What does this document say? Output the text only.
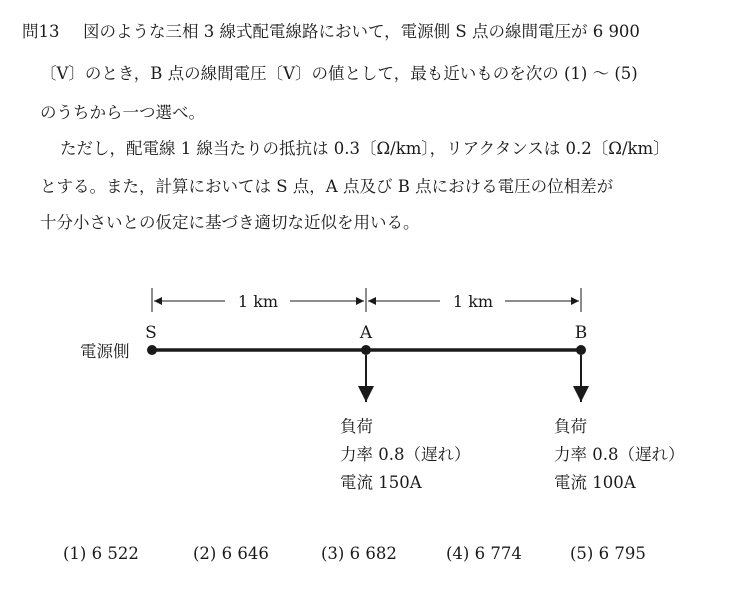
問13 図のような三相 3 線式配電線路において，電源側 S 点の線間電圧が 6 900
〔V〕のとき，B 点の線間電圧〔V〕の値として，最も近いものを次の (1) ～ (5)
のうちから一つ選べ。
ただし，配電線 1 線当たりの抵抗は 0.3〔Ω/km〕，リアクタンスは 0.2〔Ω/km〕
とする。また，計算においては S 点，A 点及び B 点における電圧の位相差が
十分小さいとの仮定に基づき適切な近似を用いる。
1 km	1 km
S	A	B
電源側
負荷
力率 0.8（遅れ）
電流 150A
負荷
力率 0.8（遅れ）
電流 100A
(1) 6 522	(2) 6 646	(3) 6 682	(4) 6 774	(5) 6 795
